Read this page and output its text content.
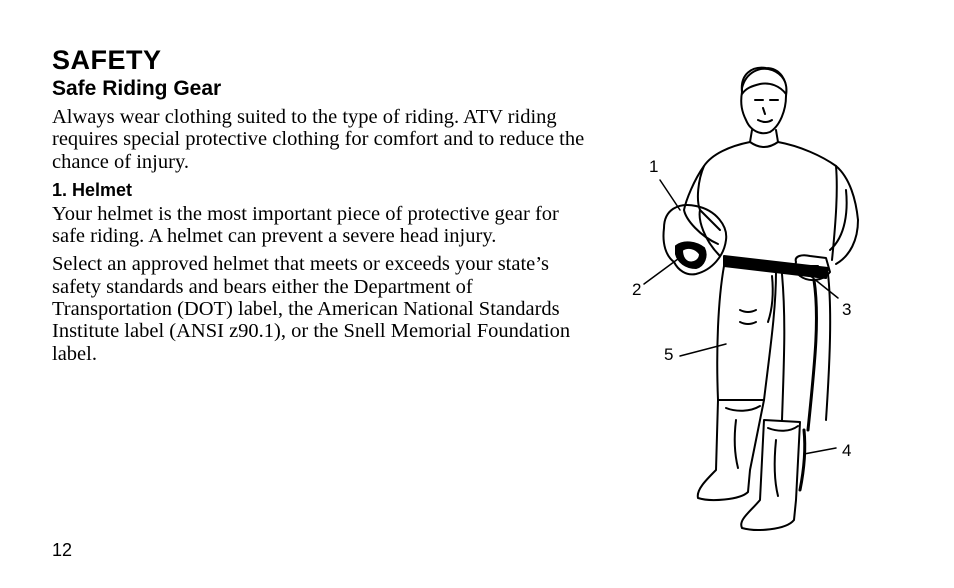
SAFETY
Safe Riding Gear

Always wear clothing suited to the type of riding. ATV riding requires special protective clothing for comfort and to reduce the chance of injury.

1. Helmet

Your helmet is the most important piece of protective gear for safe riding. A helmet can prevent a severe head injury.

Select an approved helmet that meets or exceeds your state’s safety standards and bears either the Department of Transportation (DOT) label, the American National Standards Institute label (ANSI z90.1), or the Snell Memorial Foundation label.

1
2
3
4
5
12
